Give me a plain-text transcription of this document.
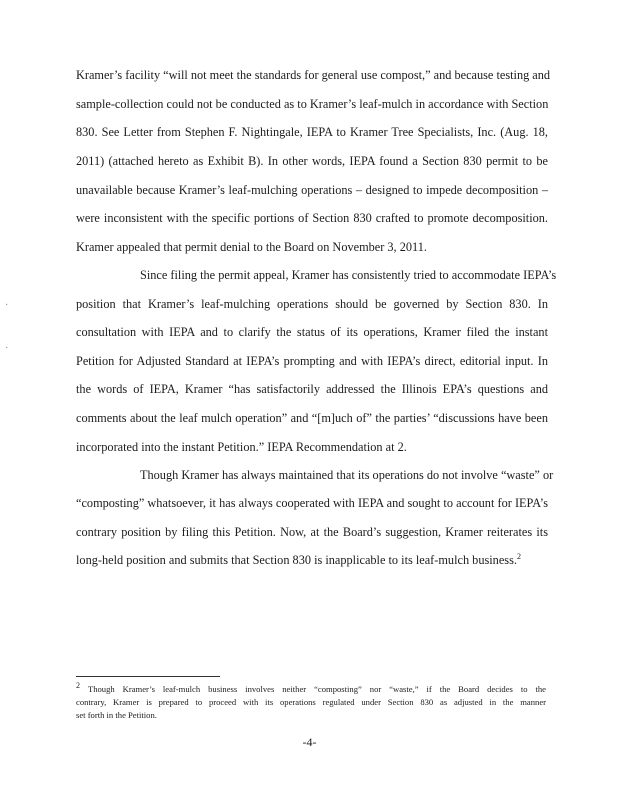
·
·
Kramer’s facility “will not meet the standards for general use compost,” and because testing and
sample-collection could not be conducted as to Kramer’s leaf-mulch in accordance with Section
830. See Letter from Stephen F. Nightingale, IEPA to Kramer Tree Specialists, Inc. (Aug. 18,
2011) (attached hereto as Exhibit B). In other words, IEPA found a Section 830 permit to be
unavailable because Kramer’s leaf-mulching operations – designed to impede decomposition –
were inconsistent with the specific portions of Section 830 crafted to promote decomposition.
Kramer appealed that permit denial to the Board on November 3, 2011.
Since filing the permit appeal, Kramer has consistently tried to accommodate IEPA’s
position that Kramer’s leaf-mulching operations should be governed by Section 830. In
consultation with IEPA and to clarify the status of its operations, Kramer filed the instant
Petition for Adjusted Standard at IEPA’s prompting and with IEPA’s direct, editorial input. In
the words of IEPA, Kramer “has satisfactorily addressed the Illinois EPA’s questions and
comments about the leaf mulch operation” and “[m]uch of” the parties’ “discussions have been
incorporated into the instant Petition.” IEPA Recommendation at 2.
Though Kramer has always maintained that its operations do not involve “waste” or
“composting” whatsoever, it has always cooperated with IEPA and sought to account for IEPA’s
contrary position by filing this Petition. Now, at the Board’s suggestion, Kramer reiterates its
long-held position and submits that Section 830 is inapplicable to its leaf-mulch business.$^2$
$^2$ Though Kramer’s leaf-mulch business involves neither “composting” nor “waste,” if the Board decides to the
contrary, Kramer is prepared to proceed with its operations regulated under Section 830 as adjusted in the manner
set forth in the Petition.
-4-
